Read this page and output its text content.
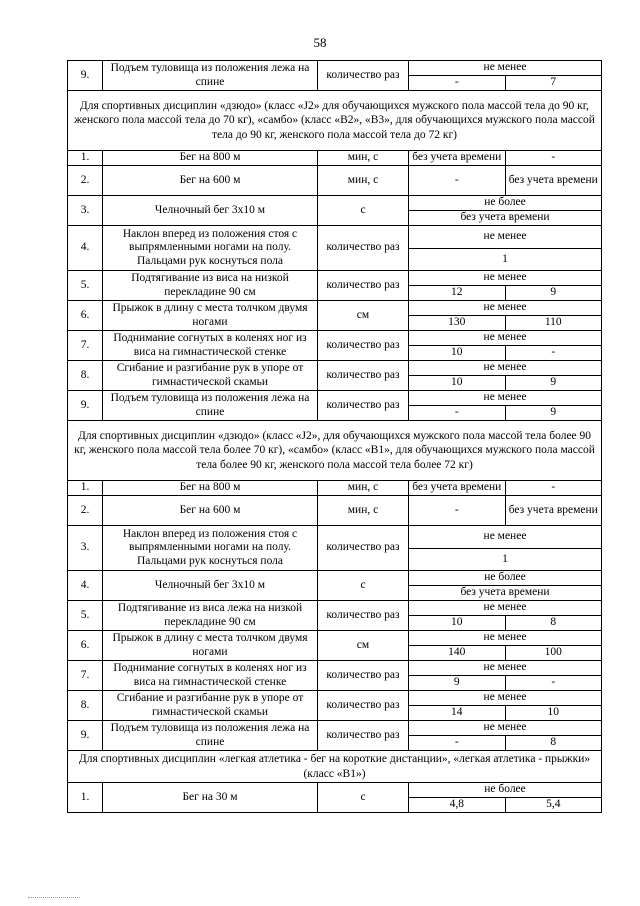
58
9.	Подъем туловища из положения лежа на спине	количество раз	не менее	
			-	7
Для спортивных дисциплин «дзюдо» (класс «J2» для обучающихся мужского пола массой тела до 90 кг, женского пола массой тела до 70 кг), «самбо» (класс «B2», «B3», для обучающихся мужского пола массой тела до 90 кг, женского пола массой тела до 72 кг)				
1.	Бег на 800 м	мин, с	без учета времени	-
2.	Бег на 600 м	мин, с	-	без учета времени
3.	Челночный бег 3x10 м	с	не более	
			без учета времени	
4.	Наклон вперед из положения стоя с выпрямленными ногами на полу. Пальцами рук коснуться пола	количество раз	не менее	
			1	
5.	Подтягивание из виса на низкой перекладине 90 см	количество раз	не менее	
			12	9
6.	Прыжок в длину с места толчком двумя ногами	см	не менее	
			130	110
7.	Поднимание согнутых в коленях ног из виса на гимнастической стенке	количество раз	не менее	
			10	-
8.	Сгибание и разгибание рук в упоре от гимнастической скамьи	количество раз	не менее	
			10	9
9.	Подъем туловища из положения лежа на спине	количество раз	не менее	
			-	9
Для спортивных дисциплин «дзюдо» (класс «J2», для обучающихся мужского пола массой тела более 90 кг, женского пола массой тела более 70 кг), «самбо» (класс «B1», для обучающихся мужского пола массой тела более 90 кг, женского пола массой тела более 72 кг)				
1.	Бег на 800 м	мин, с	без учета времени	-
2.	Бег на 600 м	мин, с	-	без учета времени
3.	Наклон вперед из положения стоя с выпрямленными ногами на полу. Пальцами рук коснуться пола	количество раз	не менее	
			1	
4.	Челночный бег 3x10 м	с	не более	
			без учета времени	
5.	Подтягивание из виса лежа на низкой перекладине 90 см	количество раз	не менее	
			10	8
6.	Прыжок в длину с места толчком двумя ногами	см	не менее	
			140	100
7.	Поднимание согнутых в коленях ног из виса на гимнастической стенке	количество раз	не менее	
			9	-
8.	Сгибание и разгибание рук в упоре от гимнастической скамьи	количество раз	не менее	
			14	10
9.	Подъем туловища из положения лежа на спине	количество раз	не менее	
			-	8
Для спортивных дисциплин «легкая атлетика - бег на короткие дистанции», «легкая атлетика - прыжки» (класс «B1»)				
1.	Бег на 30 м	с	не более	
			4,8	5,4
